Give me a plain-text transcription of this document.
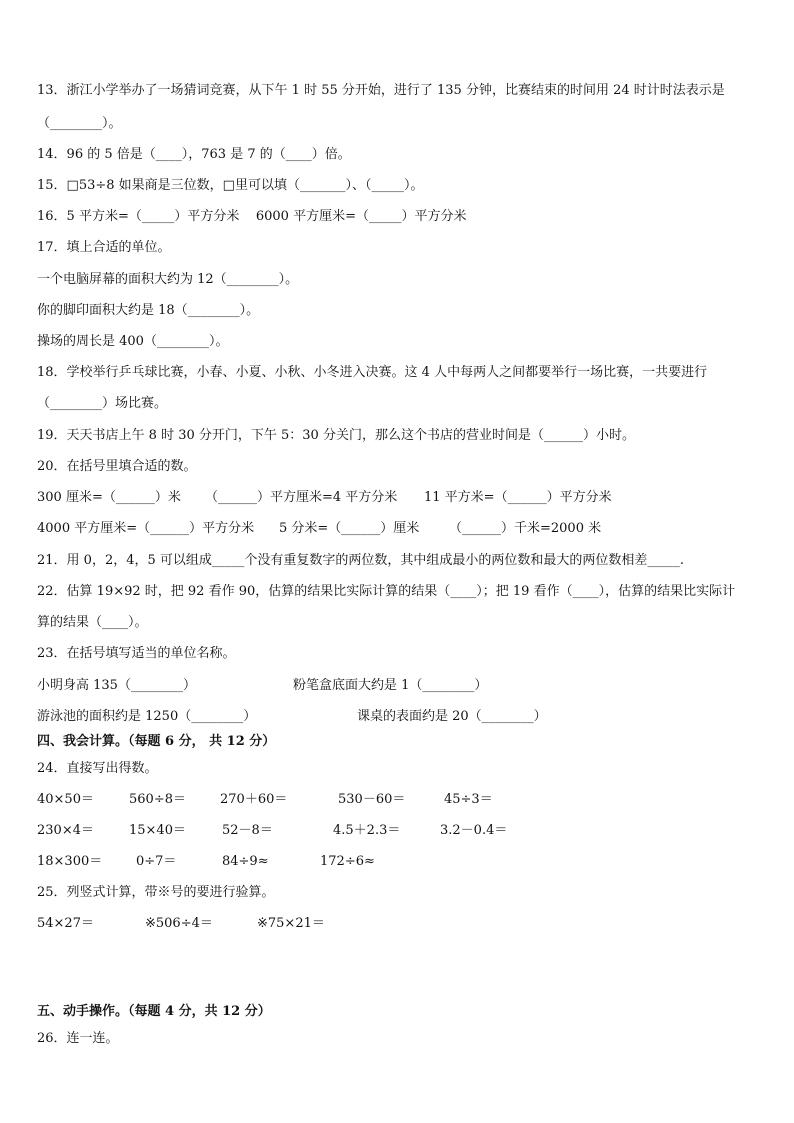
13．浙江小学举办了一场猜词竞赛，从下午 1 时 55 分开始，进行了 135 分钟，比赛结束的时间用 24 时计时法表示是
（________）。
14．96 的 5 倍是（____），763 是 7 的（____）倍。
15．□53÷8 如果商是三位数，□里可以填（_______）、（_____）。
16．5 平方米=（_____）平方分米    6000 平方厘米=（_____）平方分米
17．填上合适的单位。
一个电脑屏幕的面积大约为 12（________）。
你的脚印面积大约是 18（________）。
操场的周长是 400（________）。
18．学校举行乒乓球比赛，小春、小夏、小秋、小冬进入决赛。这 4 人中每两人之间都要举行一场比赛，一共要进行
（________）场比赛。
19．天天书店上午 8 时 30 分开门，下午 5：30 分关门，那么这个书店的营业时间是（______）小时。
20．在括号里填合适的数。
300 厘米=（______）米 （______）平方厘米=4 平方分米 11 平方米=（______）平方分米
4000 平方厘米=（______）平方分米 5 分米=（______）厘米 （______）千米=2000 米
21．用 0，2，4，5 可以组成_____个没有重复数字的两位数，其中组成最小的两位数和最大的两位数相差_____.
22．估算 19×92 时，把 92 看作 90，估算的结果比实际计算的结果（____）；把 19 看作（____），估算的结果比实际计
算的结果（____）。
23．在括号填写适当的单位名称。
小明身高 135（________）	粉笔盒底面大约是 1（________）
游泳池的面积约是 1250（________）	课桌的表面约是 20（________）
四、我会计算。（每题 6 分， 共 12 分）
24．直接写出得数。
40×50＝	560÷8＝	270＋60＝	530－60＝	45÷3＝
230×4＝	15×40＝	52－8＝	4.5＋2.3＝	3.2－0.4＝
18×300＝	0÷7＝	84÷9≈	172÷6≈
25．列竖式计算，带※号的要进行验算。
54×27＝	※506÷4＝	※75×21＝
五、动手操作。（每题 4 分，共 12 分）
26．连一连。
